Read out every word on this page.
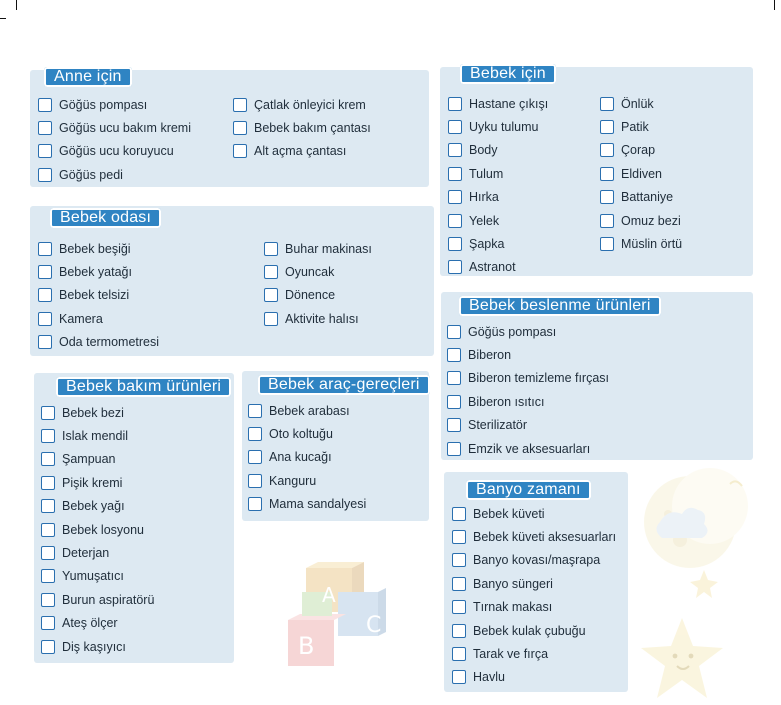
Anne için
Göğüs pompası
Göğüs ucu bakım kremi
Göğüs ucu koruyucu
Göğüs pedi
Çatlak önleyici krem
Bebek bakım çantası
Alt açma çantası
Bebek için
Hastane çıkışı
Uyku tulumu
Body
Tulum
Hırka
Yelek
Şapka
Astranot
Önlük
Patik
Çorap
Eldiven
Battaniye
Omuz bezi
Müslin örtü
Bebek odası
Bebek beşiği
Bebek yatağı
Bebek telsizi
Kamera
Oda termometresi
Buhar makinası
Oyuncak
Dönence
Aktivite halısı
Bebek beslenme ürünleri
Göğüs pompası
Biberon
Biberon temizleme fırçası
Biberon ısıtıcı
Sterilizatör
Emzik ve aksesuarları
Bebek bakım ürünleri
Bebek bezi
Islak mendil
Şampuan
Pişik kremi
Bebek yağı
Bebek losyonu
Deterjan
Yumuşatıcı
Burun aspiratörü
Ateş ölçer
Diş kaşıyıcı
Bebek araç-gereçleri
Bebek arabası
Oto koltuğu
Ana kucağı
Kanguru
Mama sandalyesi
Banyo zamanı
Bebek küveti
Bebek küveti aksesuarları
Banyo kovası/maşrapa
Banyo süngeri
Tırnak makası
Bebek kulak çubuğu
Tarak ve fırça
Havlu
A
B
C
